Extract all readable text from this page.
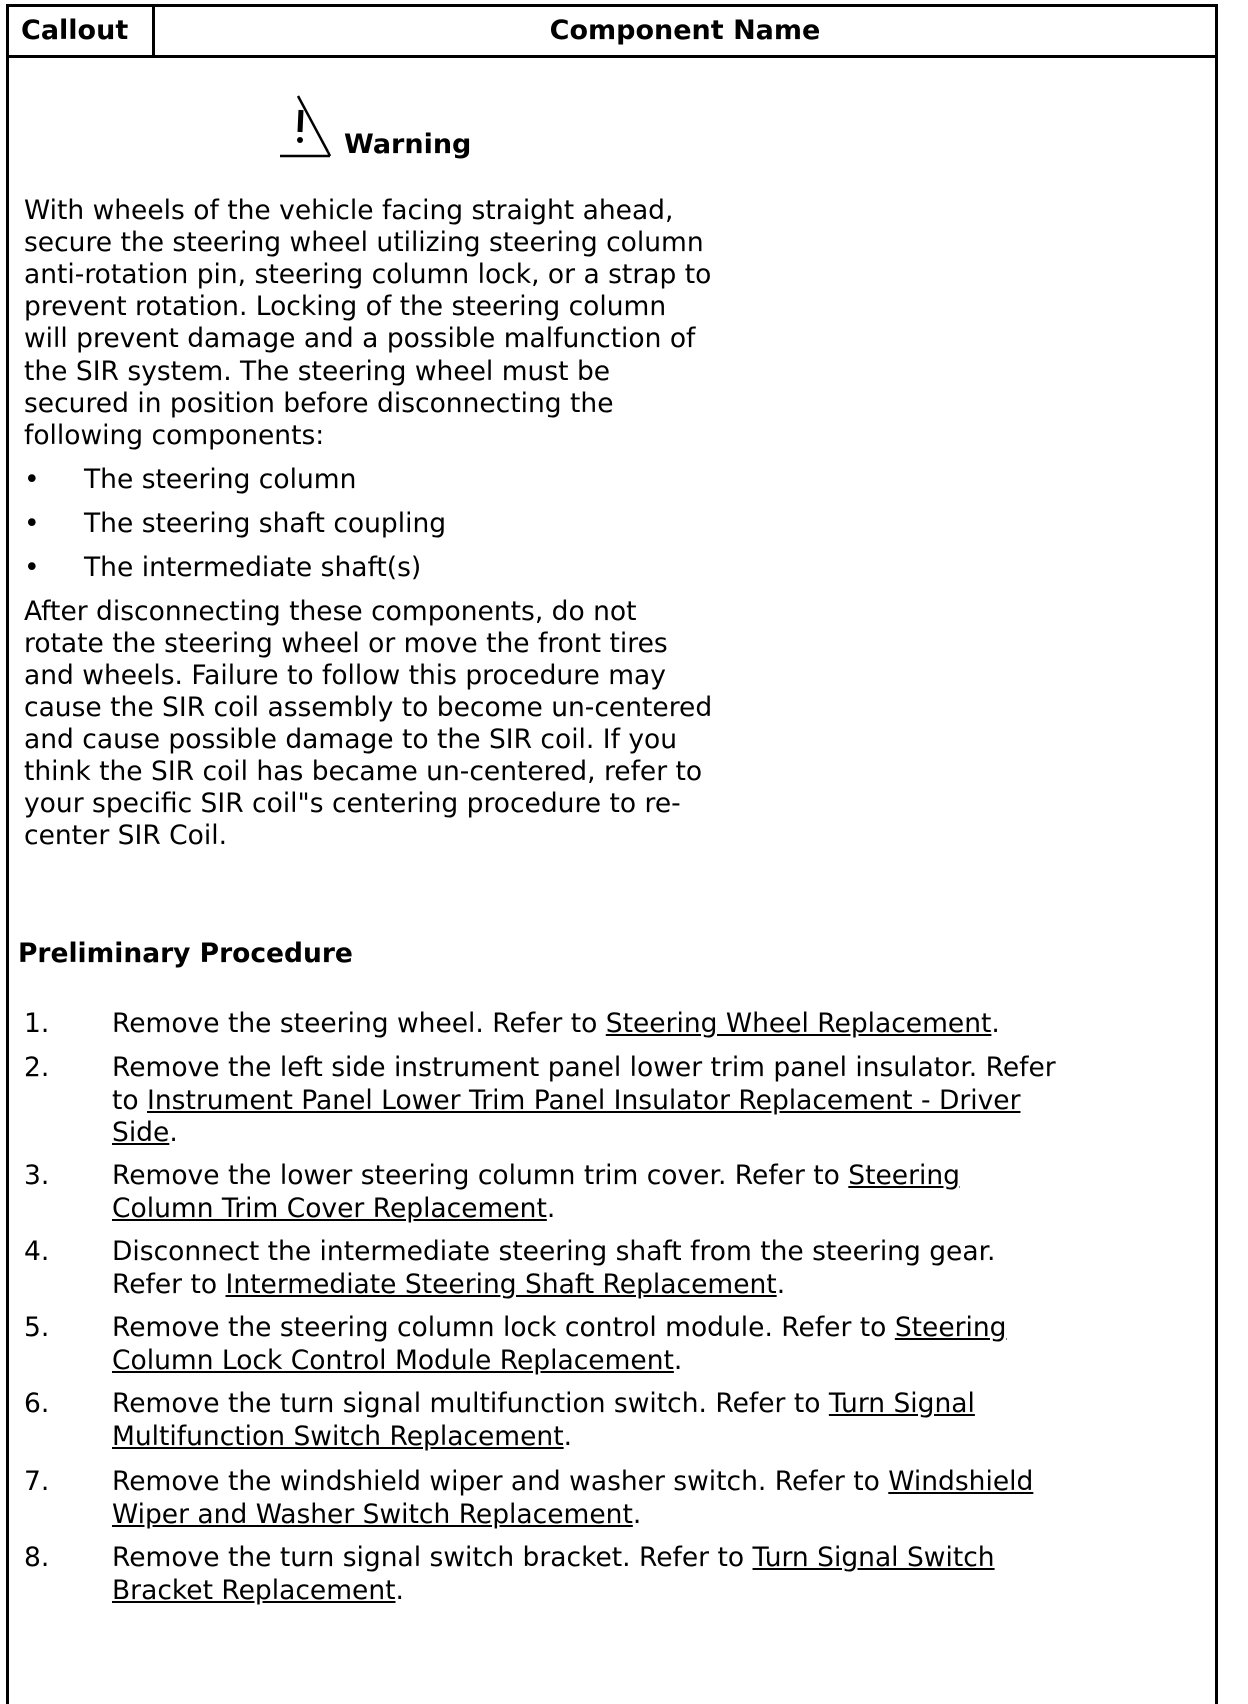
Callout	Component Name
Warning

With wheels of the vehicle facing straight ahead,

secure the steering wheel utilizing steering column

anti-rotation pin, steering column lock, or a strap to

prevent rotation. Locking of the steering column

will prevent damage and a possible malfunction of

the SIR system. The steering wheel must be

secured in position before disconnecting the

following components:

•	The steering column
•	The steering shaft coupling
•	The intermediate shaft(s)

After disconnecting these components, do not

rotate the steering wheel or move the front tires

and wheels. Failure to follow this procedure may

cause the SIR coil assembly to become un-centered

and cause possible damage to the SIR coil. If you

think the SIR coil has became un-centered, refer to

your specific SIR coil"s centering procedure to re-

center SIR Coil.

Preliminary Procedure
1.	Remove the steering wheel. Refer to Steering Wheel Replacement.
2.	Remove the left side instrument panel lower trim panel insulator. Refer
to Instrument Panel Lower Trim Panel Insulator Replacement - Driver
Side.
3.	Remove the lower steering column trim cover. Refer to Steering
Column Trim Cover Replacement.
4.	Disconnect the intermediate steering shaft from the steering gear.
Refer to Intermediate Steering Shaft Replacement.
5.	Remove the steering column lock control module. Refer to Steering
Column Lock Control Module Replacement.
6.	Remove the turn signal multifunction switch. Refer to Turn Signal
Multifunction Switch Replacement.
7.	Remove the windshield wiper and washer switch. Refer to Windshield
Wiper and Washer Switch Replacement.
8.	Remove the turn signal switch bracket. Refer to Turn Signal Switch
Bracket Replacement.
